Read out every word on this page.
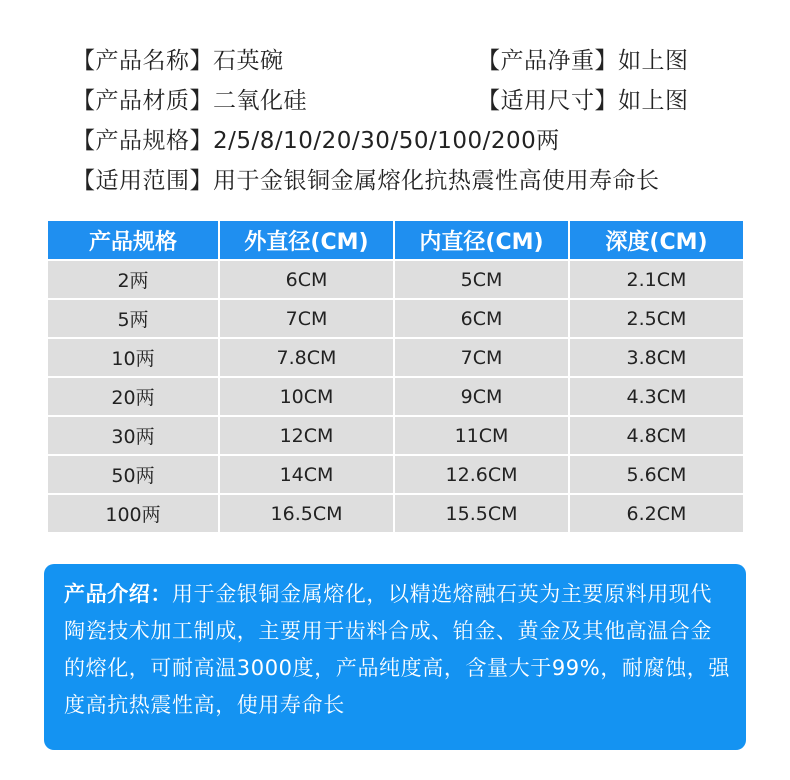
【产品名称】石英碗	【产品净重】如上图
【产品材质】二氧化硅	【适用尺寸】如上图
【产品规格】2/5/8/10/20/30/50/100/200两
【适用范围】用于金银铜金属熔化抗热震性高使用寿命长
产品规格	外直径(CM)	内直径(CM)	深度(CM)
2两	6CM	5CM	2.1CM
5两	7CM	6CM	2.5CM
10两	7.8CM	7CM	3.8CM
20两	10CM	9CM	4.3CM
30两	12CM	11CM	4.8CM
50两	14CM	12.6CM	5.6CM
100两	16.5CM	15.5CM	6.2CM
产品介绍：用于金银铜金属熔化，以精选熔融石英为主要原料用现代陶瓷技术加工制成，主要用于齿料合成、铂金、黄金及其他高温合金的熔化，可耐高温3000度，产品纯度高，含量大于99%，耐腐蚀，强度高抗热震性高，使用寿命长
